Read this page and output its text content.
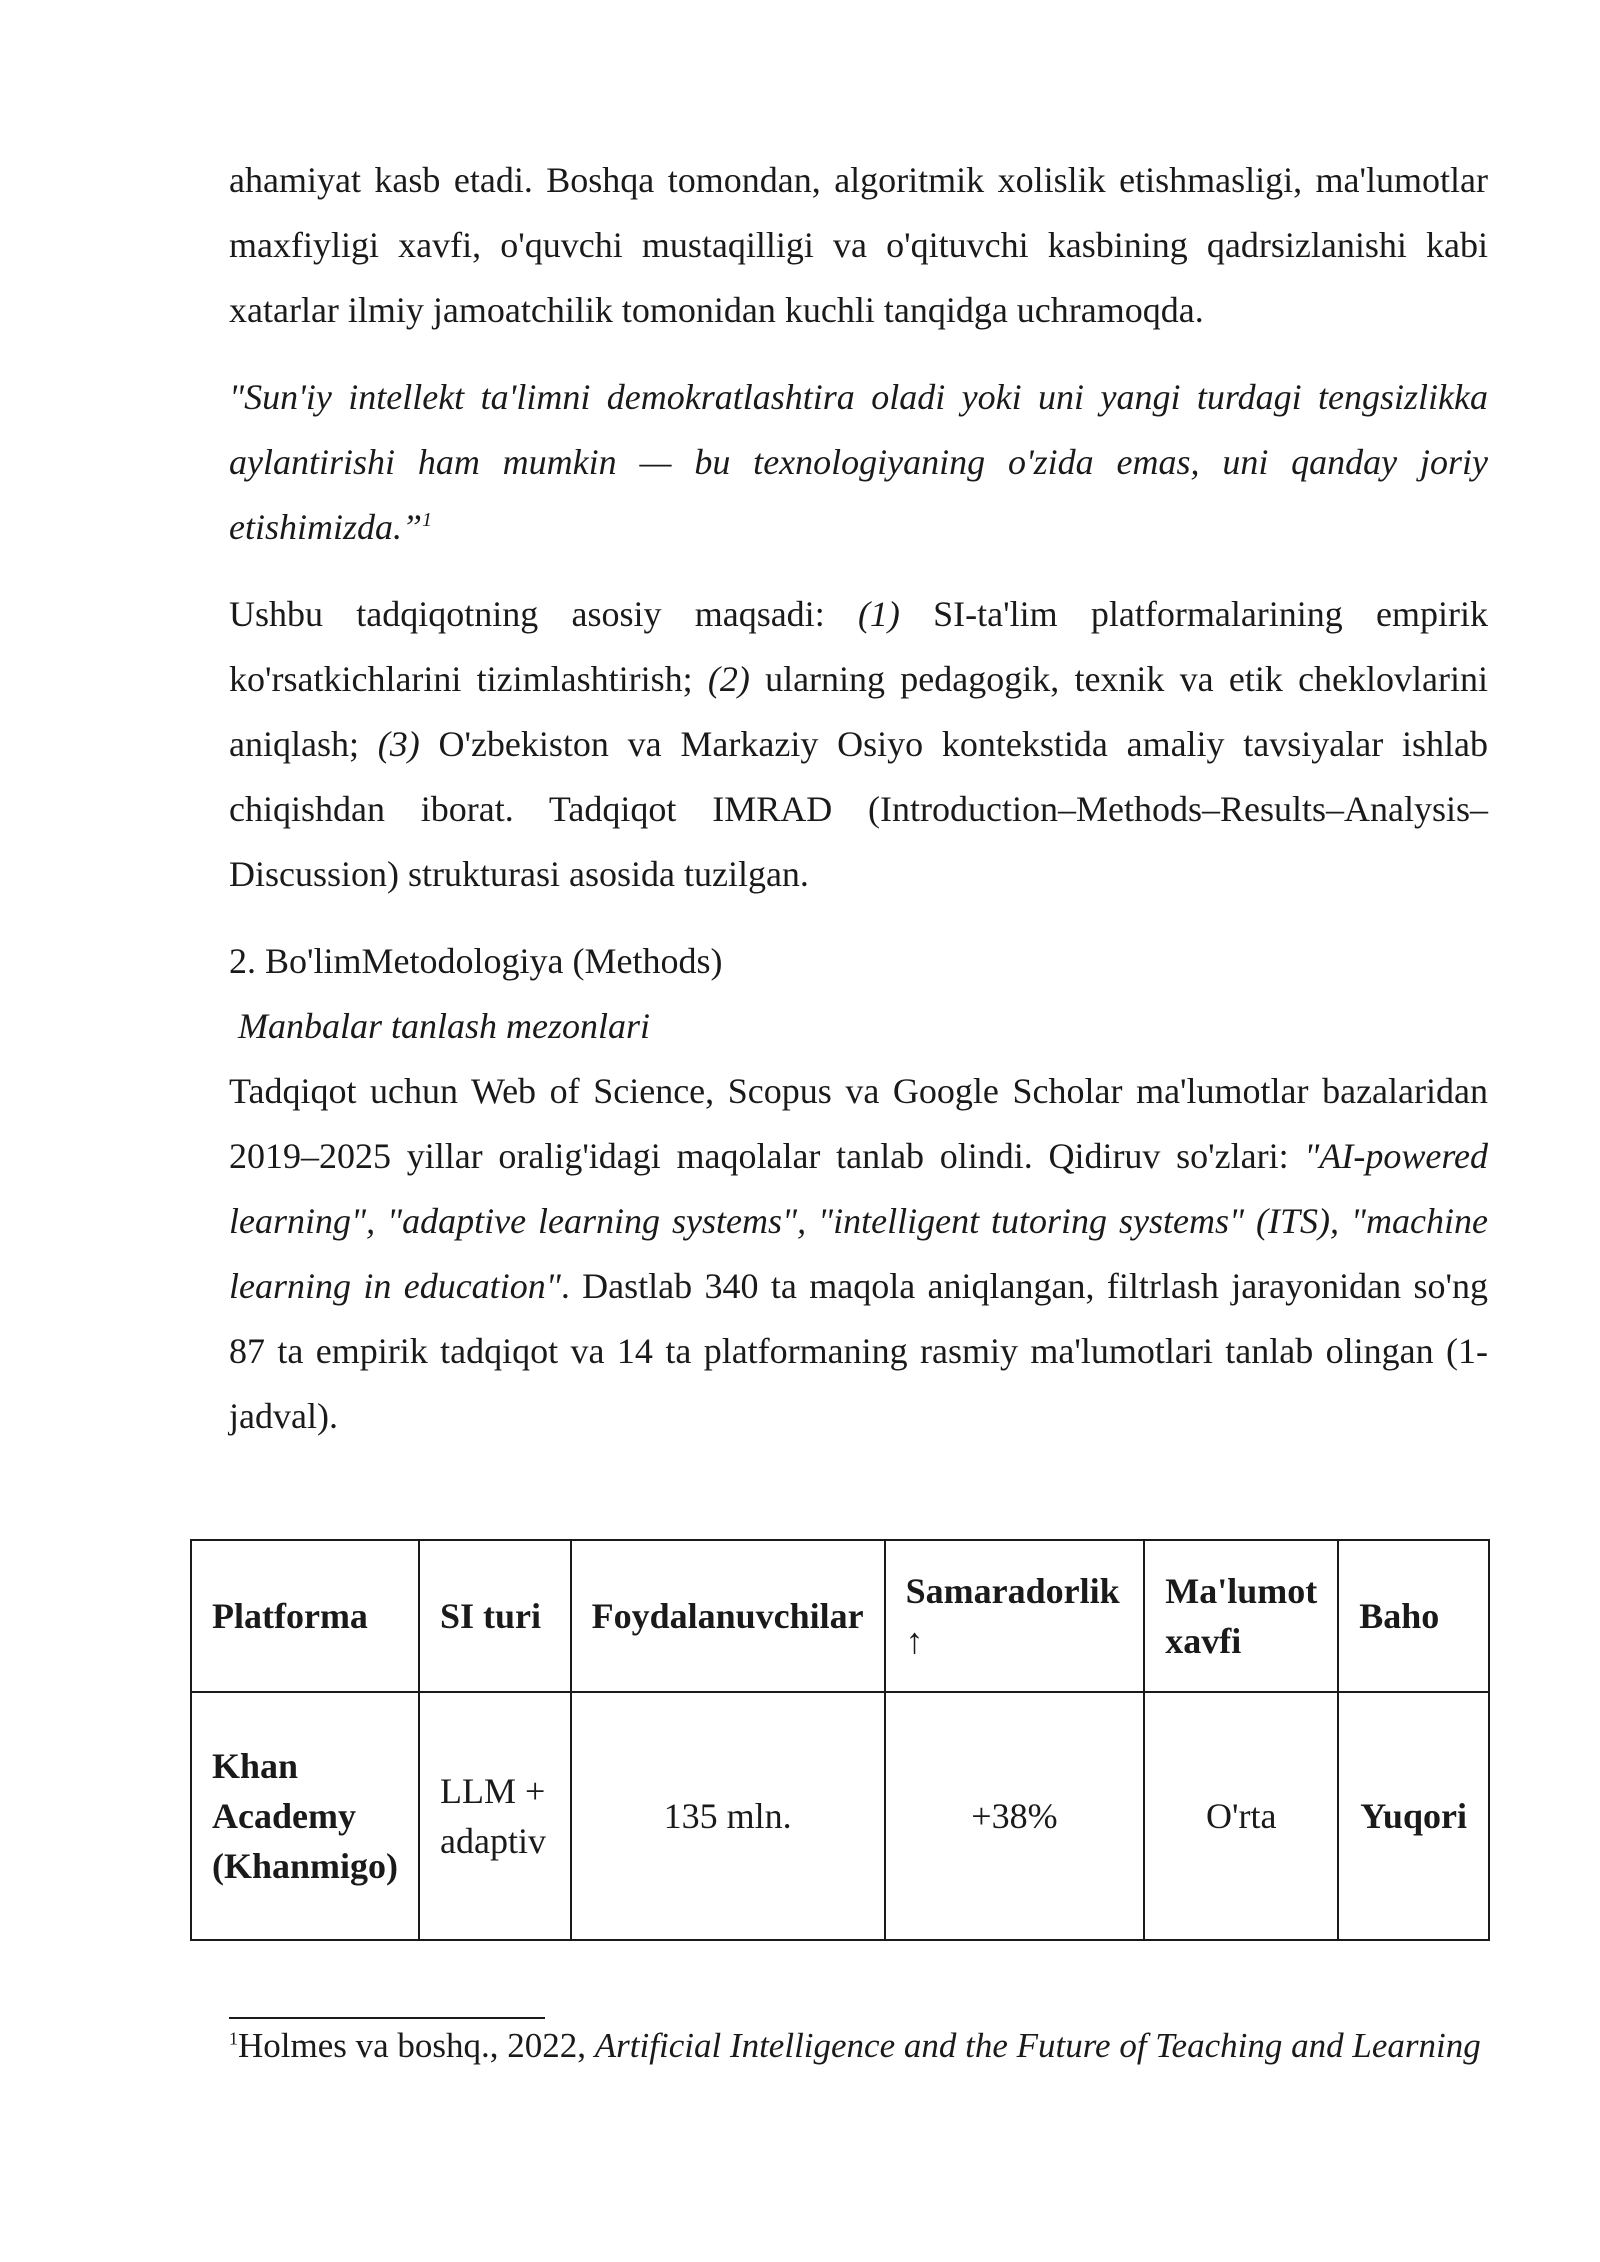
ahamiyat kasb etadi. Boshqa tomondan, algoritmik xolislik etishmasligi, ma'lumotlar maxfiyligi xavfi, o'quvchi mustaqilligi va o'qituvchi kasbining qadrsizlanishi kabi xatarlar ilmiy jamoatchilik tomonidan kuchli tanqidga uchramoqda.

"Sun'iy intellekt ta'limni demokratlashtira oladi yoki uni yangi turdagi tengsizlikka aylantirishi ham mumkin — bu texnologiyaning o'zida emas, uni qanday joriy etishimizda.”$^1$

Ushbu tadqiqotning asosiy maqsadi: (1) SI-ta'lim platformalarining empirik ko'rsatkichlarini tizimlashtirish; (2) ularning pedagogik, texnik va etik cheklovlarini aniqlash; (3) O'zbekiston va Markaziy Osiyo kontekstida amaliy tavsiyalar ishlab chiqishdan iborat. Tadqiqot IMRAD (Introduction–Methods–Results–Analysis–Discussion) strukturasi asosida tuzilgan.

2. Bo'limMetodologiya (Methods)

Manbalar tanlash mezonlari

Tadqiqot uchun Web of Science, Scopus va Google Scholar ma'lumotlar bazalaridan 2019–2025 yillar oralig'idagi maqolalar tanlab olindi. Qidiruv so'zlari: "AI-powered learning", "adaptive learning systems", "intelligent tutoring systems" (ITS), "machine learning in education". Dastlab 340 ta maqola aniqlangan, filtrlash jarayonidan so'ng 87 ta empirik tadqiqot va 14 ta platformaning rasmiy ma'lumotlari tanlab olingan (1-jadval).

Platforma	SI turi	Foydalanuvchilar	Samaradorlik ↑	Ma'lumot xavfi	Baho
Khan Academy (Khanmigo)	LLM + adaptiv	135 mln.	+38%	O'rta	Yuqori
$^1$Holmes va boshq., 2022, Artificial Intelligence and the Future of Teaching and Learning
